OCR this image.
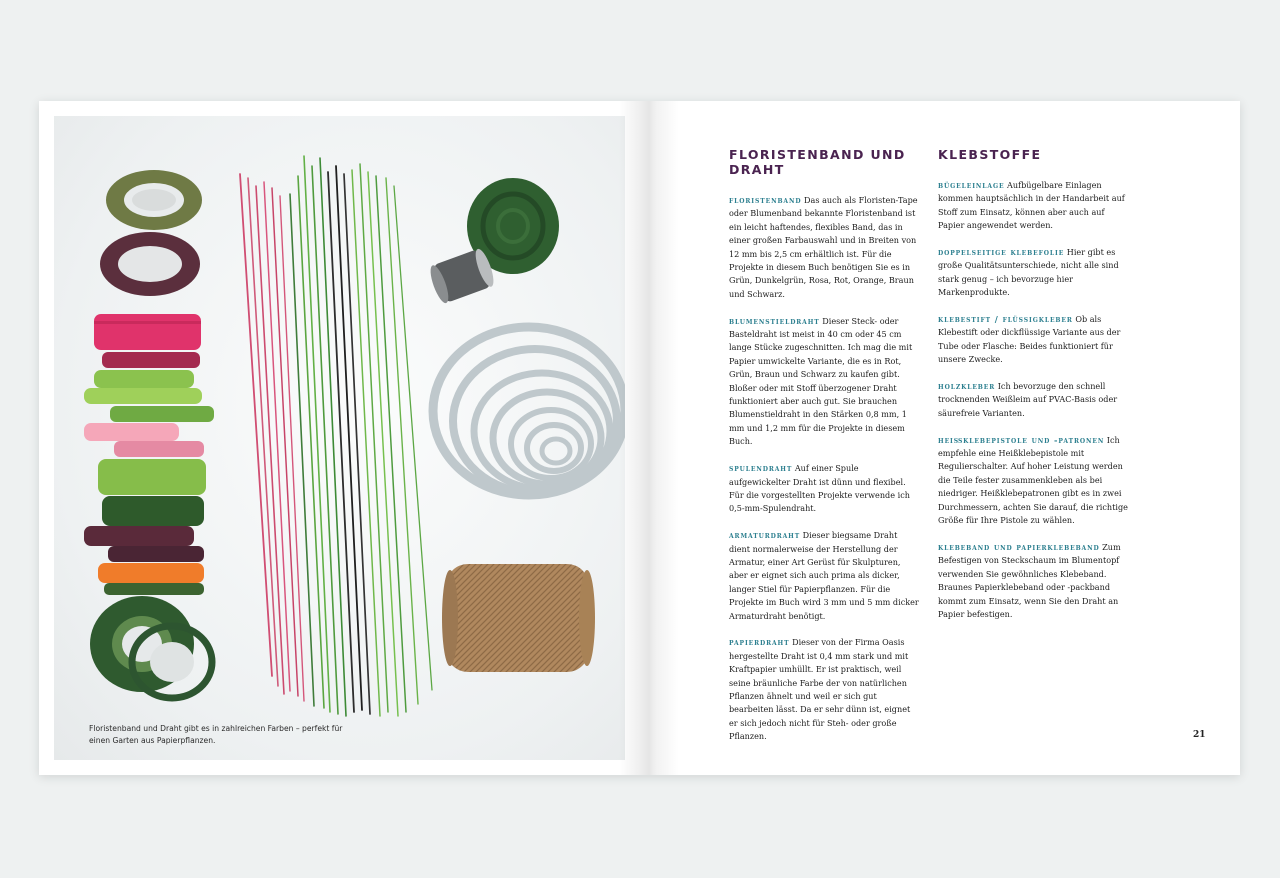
Floristenband und Draht gibt es in zahlreichen Farben – perfekt für einen Garten aus Papierpflanzen.

FLORISTENBAND UND DRAHT

floristenband Das auch als Floristen-Tape oder Blumenband bekannte Floristenband ist ein leicht haftendes, flexibles Band, das in einer großen Farbauswahl und in Breiten von 12 mm bis 2,5 cm erhältlich ist. Für die Projekte in diesem Buch benötigen Sie es in Grün, Dunkelgrün, Rosa, Rot, Orange, Braun und Schwarz.

blumenstieldraht Dieser Steck- oder Basteldraht ist meist in 40 cm oder 45 cm lange Stücke zugeschnitten. Ich mag die mit Papier umwickelte Variante, die es in Rot, Grün, Braun und Schwarz zu kaufen gibt. Bloßer oder mit Stoff überzogener Draht funktioniert aber auch gut. Sie brauchen Blumenstieldraht in den Stärken 0,8 mm, 1 mm und 1,2 mm für die Projekte in diesem Buch.

spulendraht Auf einer Spule aufgewickelter Draht ist dünn und flexibel. Für die vorgestellten Projekte verwende ich 0,5-mm-Spulendraht.

armaturdraht Dieser biegsame Draht dient normalerweise der Herstellung der Armatur, einer Art Gerüst für Skulpturen, aber er eignet sich auch prima als dicker, langer Stiel für Papierpflanzen. Für die Projekte im Buch wird 3 mm und 5 mm dicker Armaturdraht benötigt.

papierdraht Dieser von der Firma Oasis hergestellte Draht ist 0,4 mm stark und mit Kraftpapier umhüllt. Er ist praktisch, weil seine bräunliche Farbe der von natürlichen Pflanzen ähnelt und weil er sich gut bearbeiten lässt. Da er sehr dünn ist, eignet er sich jedoch nicht für Steh- oder große Pflanzen.

KLEBSTOFFE

bügeleinlage Aufbügelbare Einlagen kommen hauptsächlich in der Handarbeit auf Stoff zum Einsatz, können aber auch auf Papier angewendet werden.

doppelseitige klebefolie Hier gibt es große Qualitätsunterschiede, nicht alle sind stark genug – ich bevorzuge hier Markenprodukte.

klebestift / flüssigkleber Ob als Klebestift oder dickflüssige Variante aus der Tube oder Flasche: Beides funktioniert für unsere Zwecke.

holzkleber Ich bevorzuge den schnell trocknenden Weißleim auf PVAC-Basis oder säurefreie Varianten.

heißklebepistole und -patronen Ich empfehle eine Heißklebepistole mit Regulierschalter. Auf hoher Leistung werden die Teile fester zusammenkleben als bei niedriger. Heißklebepatronen gibt es in zwei Durchmessern, achten Sie darauf, die richtige Größe für Ihre Pistole zu wählen.

klebeband und papierklebeband Zum Befestigen von Steckschaum im Blumentopf verwenden Sie gewöhnliches Klebeband. Braunes Papierklebeband oder -packband kommt zum Einsatz, wenn Sie den Draht an Papier befestigen.

21
